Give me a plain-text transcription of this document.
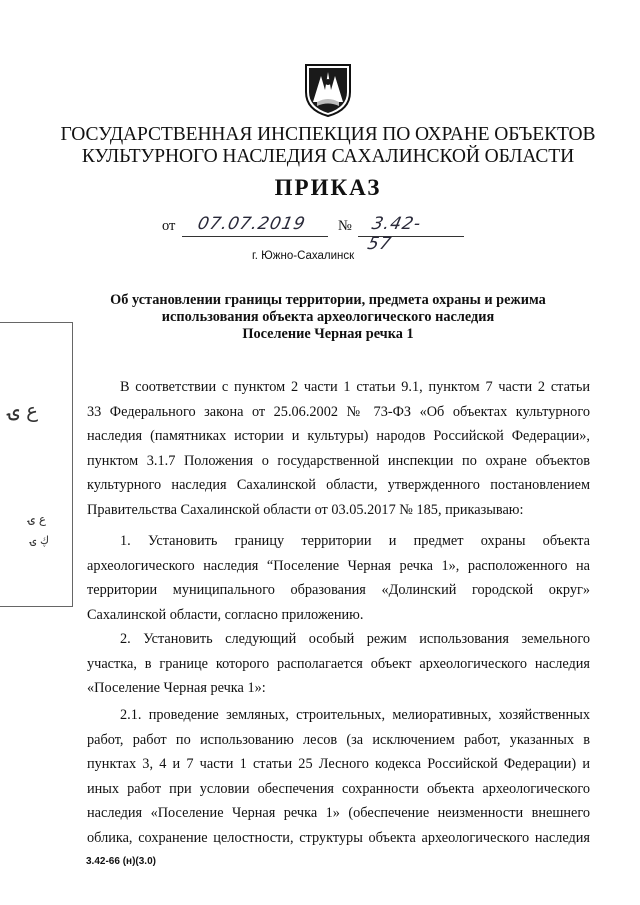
ГОСУДАРСТВЕННАЯ ИНСПЕКЦИЯ ПО ОХРАНЕ ОБЪЕКТОВ
КУЛЬТУРНОГО НАСЛЕДИЯ САХАЛИНСКОЙ ОБЛАСТИ
ПРИКАЗ
от 07.07.2019 № 3.42-57
г. Южно-Сахалинск
Об установлении границы территории, предмета охраны и режима
использования объекта археологического наследия
Поселение Черная речка 1
ع ۍ
ع ۍ
ڮ ۍ
В соответствии с пунктом 2 части 1 статьи 9.1, пунктом 7 части 2 статьи
33 Федерального закона от 25.06.2002 № 73-ФЗ «Об объектах культурного
наследия (памятниках истории и культуры) народов Российской Федерации»,
пунктом 3.1.7 Положения о государственной инспекции по охране объектов
культурного наследия Сахалинской области, утвержденного постановлением
Правительства Сахалинской области от 03.05.2017 № 185, приказываю:
1. Установить границу территории и предмет охраны объекта
археологического наследия “Поселение Черная речка 1», расположенного на
территории муниципального образования «Долинский городской округ»
Сахалинской области, согласно приложению.
2. Установить следующий особый режим использования земельного
участка, в границе которого располагается объект археологического наследия
«Поселение Черная речка 1»:
2.1. проведение земляных, строительных, мелиоративных, хозяйственных
работ, работ по использованию лесов (за исключением работ, указанных в
пунктах 3, 4 и 7 части 1 статьи 25 Лесного кодекса Российской Федерации) и
иных работ при условии обеспечения сохранности объекта археологического
наследия «Поселение Черная речка 1» (обеспечение неизменности внешнего
облика, сохранение целостности, структуры объекта археологического наследия
3.42-66 (н)(3.0)
